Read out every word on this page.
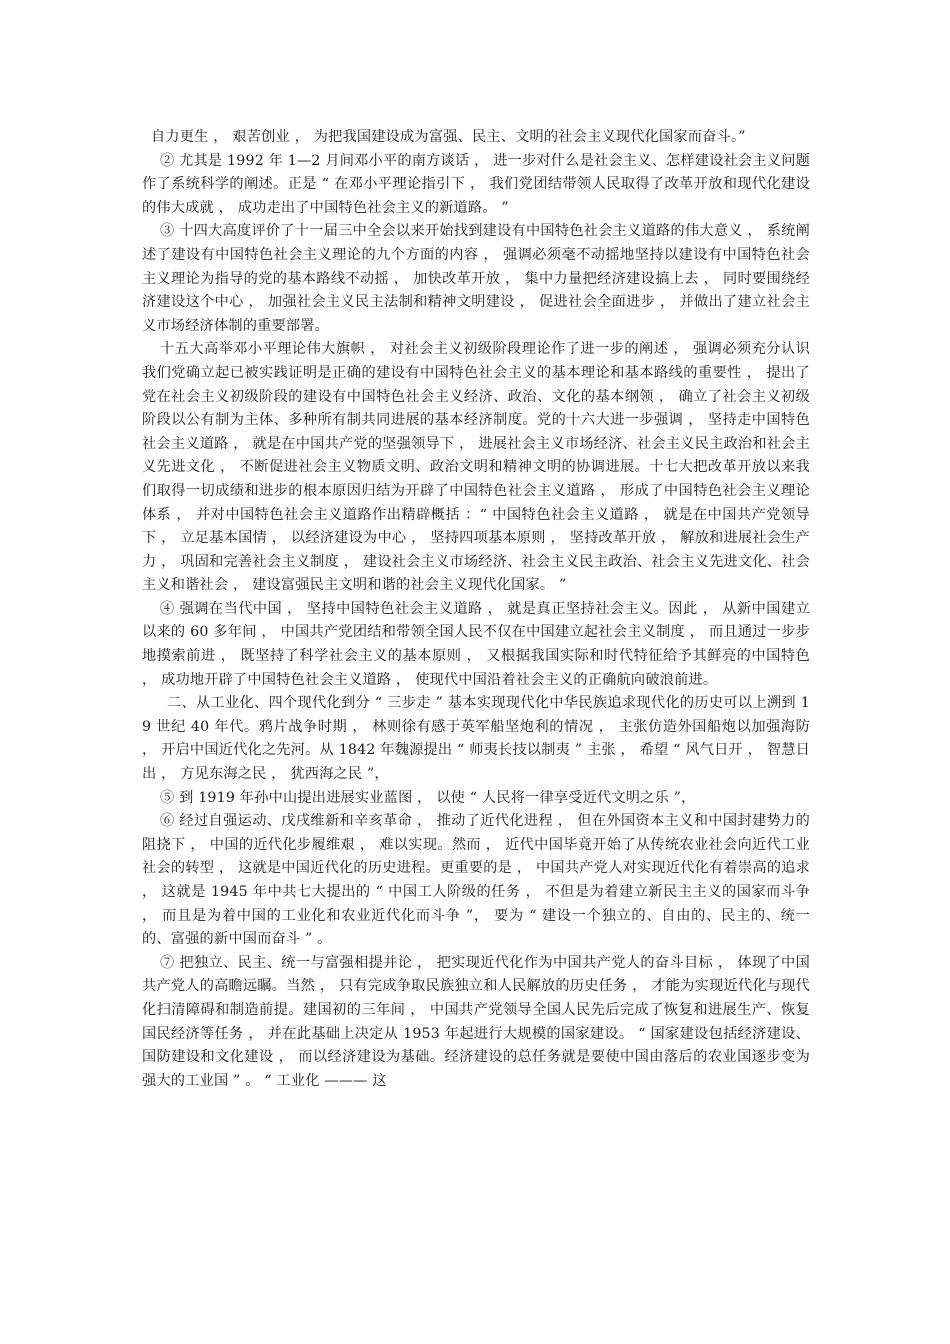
自力更生 ， 艰苦创业 ， 为把我国建设成为富强、民主、文明的社会主义现代化国家而奋斗。”

② 尤其是 1992 年 1—2 月间邓小平的南方谈话 ， 进一步对什么是社会主义、怎样建设社会主义问题作了系统科学的阐述。正是 “ 在邓小平理论指引下 ， 我们党团结带领人民取得了改革开放和现代化建设的伟大成就 ， 成功走出了中国特色社会主义的新道路。 ”

③ 十四大高度评价了十一届三中全会以来开始找到建设有中国特色社会主义道路的伟大意义 ， 系统阐述了建设有中国特色社会主义理论的九个方面的内容 ， 强调必须毫不动摇地坚持以建设有中国特色社会主义理论为指导的党的基本路线不动摇 ， 加快改革开放 ， 集中力量把经济建设搞上去 ， 同时要围绕经济建设这个中心 ， 加强社会主义民主法制和精神文明建设 ， 促进社会全面进步 ， 并做出了建立社会主义市场经济体制的重要部署。

十五大高举邓小平理论伟大旗帜 ， 对社会主义初级阶段理论作了进一步的阐述 ， 强调必须充分认识我们党确立起已被实践证明是正确的建设有中国特色社会主义的基本理论和基本路线的重要性 ， 提出了党在社会主义初级阶段的建设有中国特色社会主义经济、政治、文化的基本纲领 ， 确立了社会主义初级阶段以公有制为主体、多种所有制共同进展的基本经济制度。党的十六大进一步强调 ， 坚持走中国特色社会主义道路 ， 就是在中国共产党的坚强领导下 ， 进展社会主义市场经济、社会主义民主政治和社会主义先进文化 ， 不断促进社会主义物质文明、政治文明和精神文明的协调进展。十七大把改革开放以来我们取得一切成绩和进步的根本原因归结为开辟了中国特色社会主义道路 ， 形成了中国特色社会主义理论体系 ， 并对中国特色社会主义道路作出精辟概括 ：“ 中国特色社会主义道路 ， 就是在中国共产党领导下 ， 立足基本国情 ， 以经济建设为中心 ， 坚持四项基本原则 ， 坚持改革开放 ， 解放和进展社会生产力 ， 巩固和完善社会主义制度 ， 建设社会主义市场经济、社会主义民主政治、社会主义先进文化、社会主义和谐社会 ， 建设富强民主文明和谐的社会主义现代化国家。 ”

④ 强调在当代中国 ， 坚持中国特色社会主义道路 ， 就是真正坚持社会主义。因此 ， 从新中国建立以来的 60 多年间 ， 中国共产党团结和带领全国人民不仅在中国建立起社会主义制度 ， 而且通过一步步地摸索前进 ， 既坚持了科学社会主义的基本原则 ， 又根据我国实际和时代特征给予其鲜亮的中国特色 ， 成功地开辟了中国特色社会主义道路 ， 使现代中国沿着社会主义的正确航向破浪前进。

二、从工业化、四个现代化到分 “ 三步走 ” 基本实现现代化中华民族追求现代化的历史可以上溯到 19 世纪 40 年代。鸦片战争时期 ， 林则徐有感于英军船坚炮利的情况 ， 主张仿造外国船炮以加强海防 ， 开启中国近代化之先河。从 1842 年魏源提出 “ 师夷长技以制夷 ” 主张 ， 希望 “ 风气日开 ， 智慧日出 ， 方见东海之民 ， 犹西海之民 ”，

⑤ 到 1919 年孙中山提出进展实业蓝图 ， 以使 “ 人民将一律享受近代文明之乐 ”，

⑥ 经过自强运动、戊戌维新和辛亥革命 ， 推动了近代化进程 ， 但在外国资本主义和中国封建势力的阻挠下 ， 中国的近代化步履维艰 ， 难以实现。然而 ， 近代中国毕竟开始了从传统农业社会向近代工业社会的转型 ， 这就是中国近代化的历史进程。更重要的是 ， 中国共产党人对实现近代化有着崇高的追求 ， 这就是 1945 年中共七大提出的 “ 中国工人阶级的任务 ， 不但是为着建立新民主主义的国家而斗争 ， 而且是为着中国的工业化和农业近代化而斗争 ”， 要为 “ 建设一个独立的、自由的、民主的、统一的、富强的新中国而奋斗 ” 。

⑦ 把独立、民主、统一与富强相提并论 ， 把实现近代化作为中国共产党人的奋斗目标 ， 体现了中国共产党人的高瞻远瞩。当然 ， 只有完成争取民族独立和人民解放的历史任务 ， 才能为实现近代化与现代化扫清障碍和制造前提。建国初的三年间 ， 中国共产党领导全国人民先后完成了恢复和进展生产、恢复国民经济等任务 ， 并在此基础上决定从 1953 年起进行大规模的国家建设。 “ 国家建设包括经济建设、国防建设和文化建设 ， 而以经济建设为基础。经济建设的总任务就是要使中国由落后的农业国逐步变为强大的工业国 ” 。 “ 工业化 ——— 这
